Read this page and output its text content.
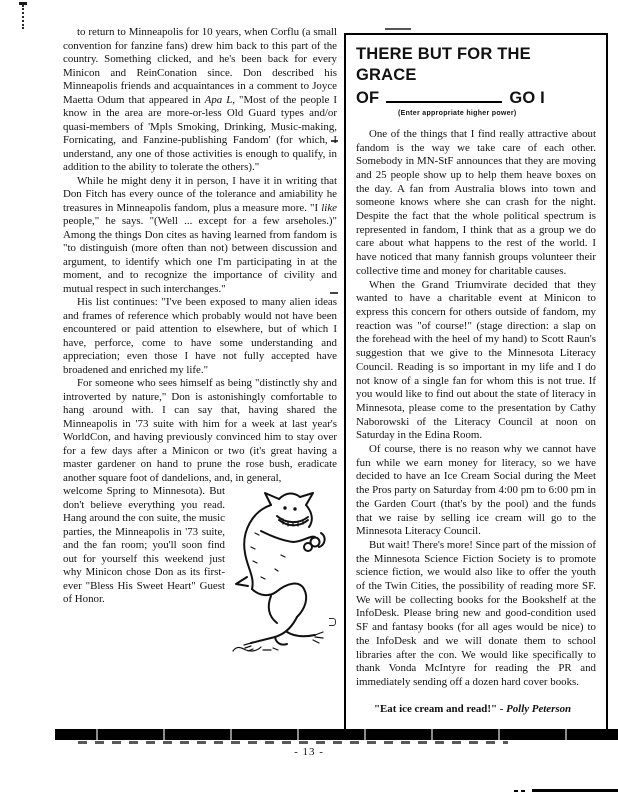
to return to Minneapolis for 10 years, when Corflu (a small convention for fanzine fans) drew him back to this part of the country. Something clicked, and he's been back for every Minicon and ReinConation since. Don described his Minneapolis friends and acquaintances in a comment to Joyce Maetta Odum that appeared in Apa L, "Most of the people I know in the area are more-or-less Old Guard types and/or quasi-members of 'Mpls Smoking, Drinking, Music-making, Fornicating, and Fanzine-publishing Fandom' (for which, I understand, any one of those activities is enough to qualify, in addition to the ability to tolerate the others)."

While he might deny it in person, I have it in writing that Don Fitch has every ounce of the tolerance and amiability he treasures in Minneapolis fandom, plus a measure more. "I like people," he says. "(Well ... except for a few arseholes.)" Among the things Don cites as having learned from fandom is "to distinguish (more often than not) between discussion and argument, to identify which one I'm participating in at the moment, and to recognize the importance of civility and mutual respect in such interchanges."

His list continues: "I've been exposed to many alien ideas and frames of reference which probably would not have been encountered or paid attention to elsewhere, but of which I have, perforce, come to have some understanding and appreciation; even those I have not fully accepted have broadened and enriched my life."

For someone who sees himself as being "distinctly shy and introverted by nature," Don is astonishingly comfortable to hang around with. I can say that, having shared the Minneapolis in '73 suite with him for a week at last year's WorldCon, and having previously convinced him to stay over for a few days after a Minicon or two (it's great having a master gardener on hand to prune the rose bush, eradicate another square foot of dandelions, and, in general,

welcome Spring to Minnesota). But don't believe everything you read. Hang around the con suite, the music parties, the Minneapolis in '73 suite, and the fan room; you'll soon find out for yourself this weekend just why Minicon chose Don as its first-ever "Bless His Sweet Heart" Guest of Honor.

THERE BUT FOR THE GRACE
OF	GO I
(Enter appropriate higher power)

One of the things that I find really attractive about fandom is the way we take care of each other. Somebody in MN-StF announces that they are moving and 25 people show up to help them heave boxes on the day. A fan from Australia blows into town and someone knows where she can crash for the night. Despite the fact that the whole political spectrum is represented in fandom, I think that as a group we do care about what happens to the rest of the world. I have noticed that many fannish groups volunteer their collective time and money for charitable causes.

When the Grand Triumvirate decided that they wanted to have a charitable event at Minicon to express this concern for others outside of fandom, my reaction was "of course!" (stage direction: a slap on the forehead with the heel of my hand) to Scott Raun's suggestion that we give to the Minnesota Literacy Council. Reading is so important in my life and I do not know of a single fan for whom this is not true. If you would like to find out about the state of literacy in Minnesota, please come to the presentation by Cathy Naborowski of the Literacy Council at noon on Saturday in the Edina Room.

Of course, there is no reason why we cannot have fun while we earn money for literacy, so we have decided to have an Ice Cream Social during the Meet the Pros party on Saturday from 4:00 pm to 6:00 pm in the Garden Court (that's by the pool) and the funds that we raise by selling ice cream will go to the Minnesota Literacy Council.

But wait! There's more! Since part of the mission of the Minnesota Science Fiction Society is to promote science fiction, we would also like to offer the youth of the Twin Cities, the possibility of reading more SF. We will be collecting books for the Bookshelf at the InfoDesk. Please bring new and good-condition used SF and fantasy books (for all ages would be nice) to the InfoDesk and we will donate them to school libraries after the con. We would like specifically to thank Vonda McIntyre for reading the PR and immediately sending off a dozen hard cover books.

"Eat ice cream and read!" - Polly Peterson

- 13 -
